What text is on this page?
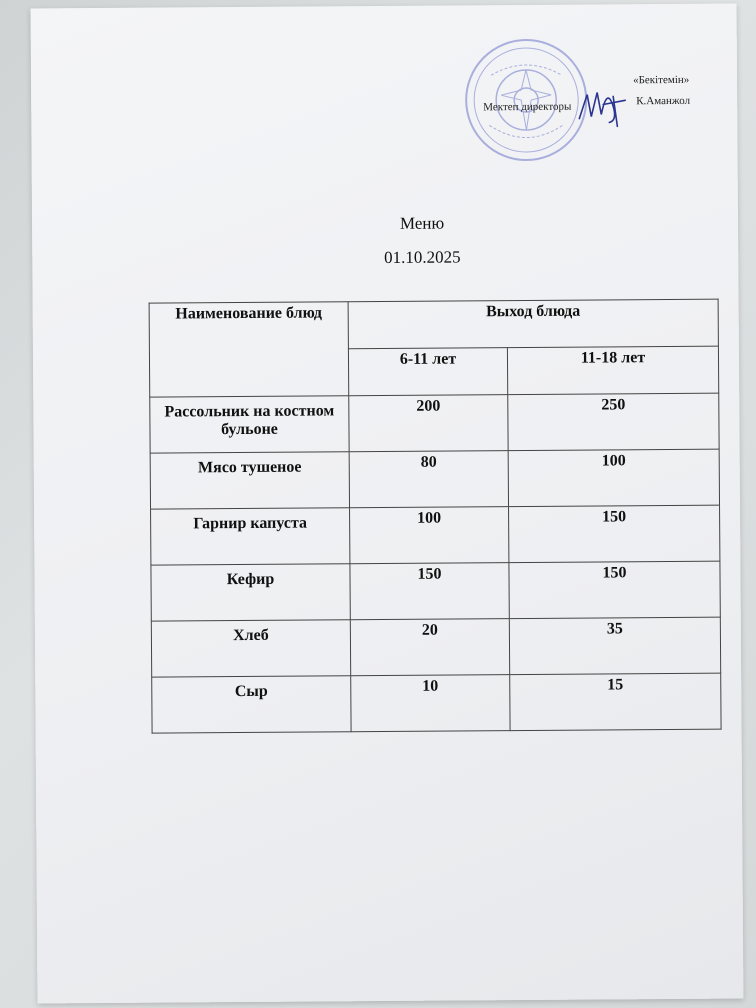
«Бекітемін»
Мектеп директоры	К.Аманжол
Меню
01.10.2025
Наименование блюд	Выход блюда	
	6-11 лет	11-18 лет
Рассольник на костном бульоне	200	250
Мясо тушеное	80	100
Гарнир капуста	100	150
Кефир	150	150
Хлеб	20	35
Сыр	10	15
